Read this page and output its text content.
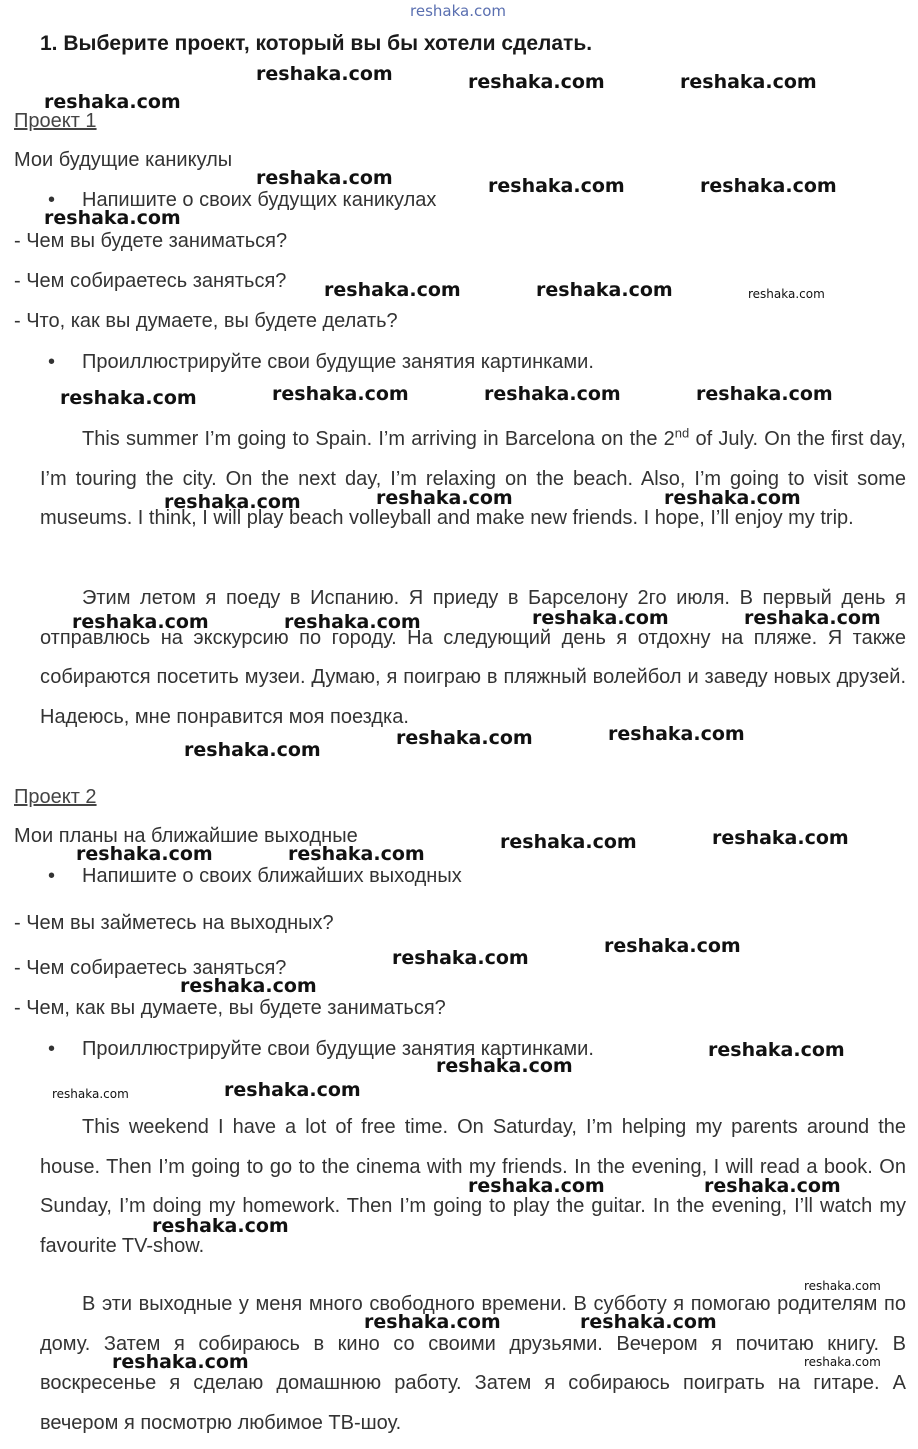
reshaka.com
1. Выберите проект, который вы бы хотели сделать.
Проект 1
Мои будущие каникулы
• Напишите о своих будущих каникулах
- Чем вы будете заниматься?
- Чем собираетесь заняться?
- Что, как вы думаете, вы будете делать?
• Проиллюстрируйте свои будущие занятия картинками.
This summer I’m going to Spain. I’m arriving in Barcelona on the 2nd of July. On the first day, I’m touring the city. On the next day, I’m relaxing on the beach. Also, I’m going to visit some museums. I think, I will play beach volleyball and make new friends. I hope, I’ll enjoy my trip.
Этим летом я поеду в Испанию. Я приеду в Барселону 2го июля. В первый день я отправлюсь на экскурсию по городу. На следующий день я отдохну на пляже. Я также собираются посетить музеи. Думаю, я поиграю в пляжный волейбол и заведу новых друзей. Надеюсь, мне понравится моя поездка.
Проект 2
Мои планы на ближайшие выходные
• Напишите о своих ближайших выходных
- Чем вы займетесь на выходных?
- Чем собираетесь заняться?
- Чем, как вы думаете, вы будете заниматься?
• Проиллюстрируйте свои будущие занятия картинками.
This weekend I have a lot of free time. On Saturday, I’m helping my parents around the house. Then I’m going to go to the cinema with my friends. In the evening, I will read a book. On Sunday, I’m doing my homework. Then I’m going to play the guitar. In the evening, I’ll watch my favourite TV-show.
В эти выходные у меня много свободного времени. В субботу я помогаю родителям по дому. Затем я собираюсь в кино со своими друзьями. Вечером я почитаю книгу. В воскресенье я сделаю домашнюю работу. Затем я собираюсь поиграть на гитаре. А вечером я посмотрю любимое ТВ-шоу.
reshaka.com	reshaka.com	reshaka.com
reshaka.com
reshaka.com	reshaka.com	reshaka.com
reshaka.com
reshaka.com	reshaka.com	reshaka.com
reshaka.com	reshaka.com	reshaka.com	reshaka.com
reshaka.com	reshaka.com	reshaka.com
reshaka.com	reshaka.com	reshaka.com	reshaka.com
reshaka.com
reshaka.com	reshaka.com
reshaka.com	reshaka.com
reshaka.com	reshaka.com
reshaka.com
reshaka.com
reshaka.com
reshaka.com
reshaka.com
reshaka.com
reshaka.com
reshaka.com	reshaka.com
reshaka.com
reshaka.com
reshaka.com	reshaka.com
reshaka.com	reshaka.com
